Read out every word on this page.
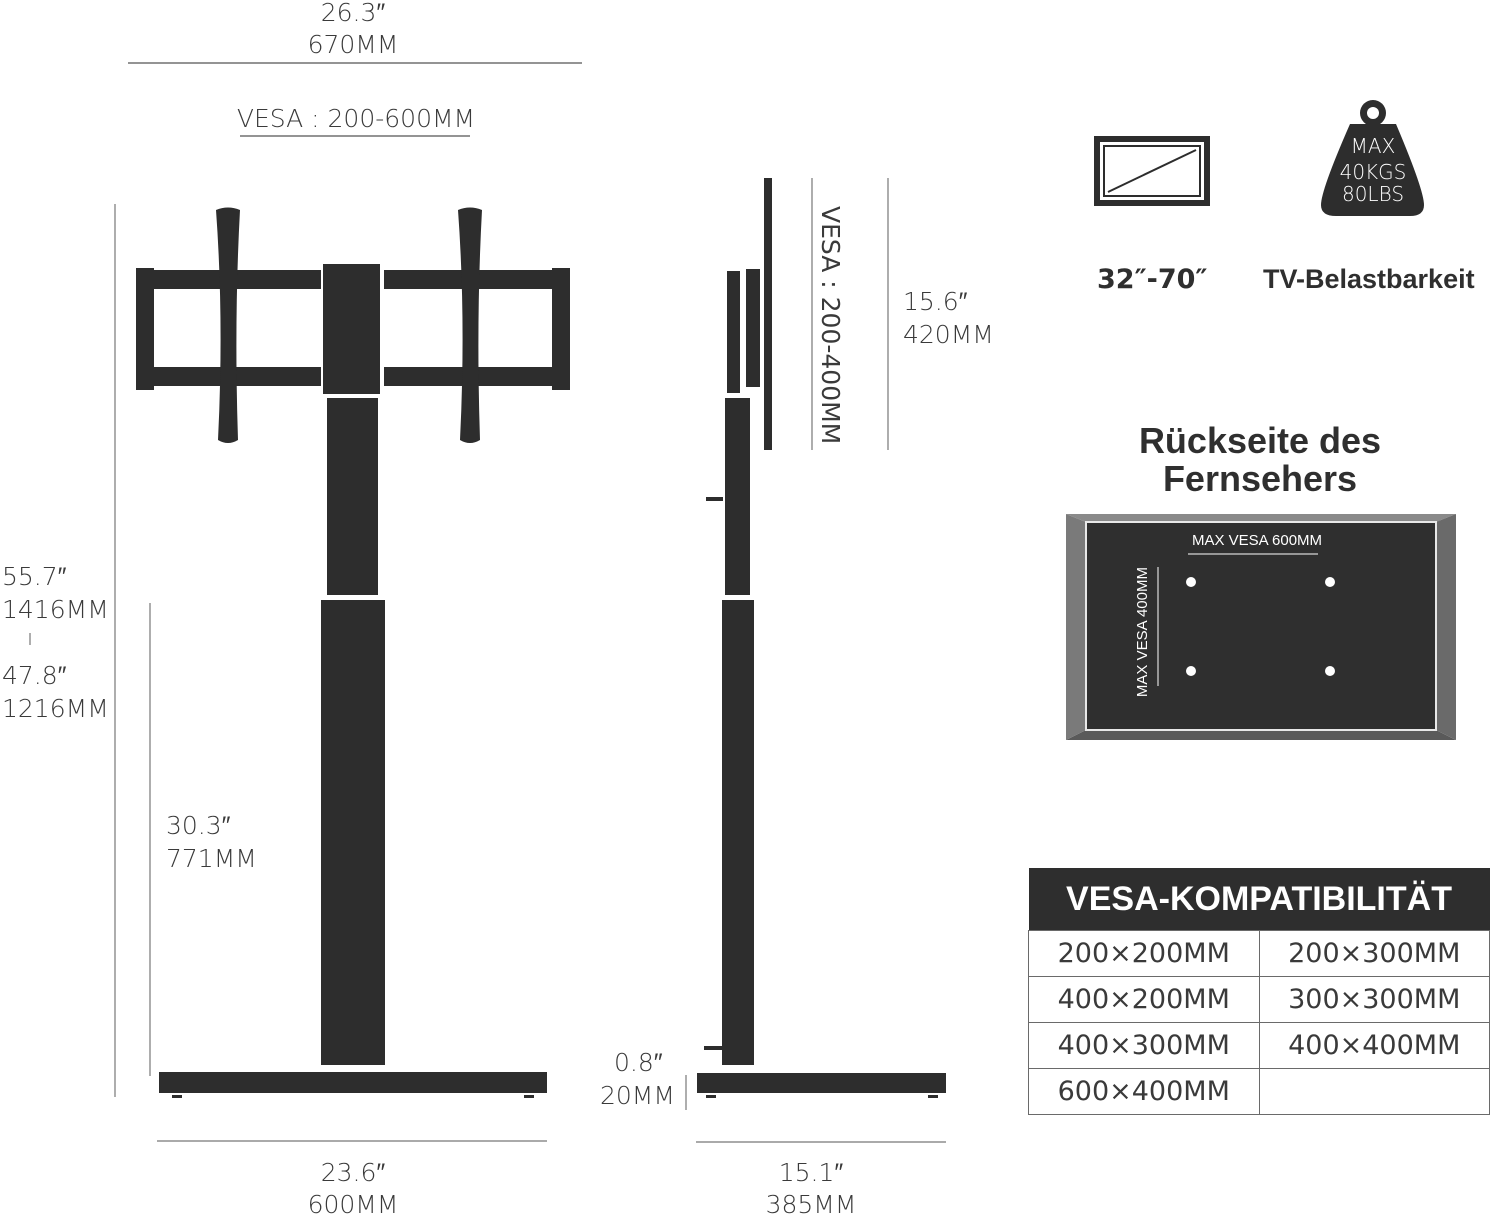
26.3″
670MM
VESA : 200-600MM
55.7″
1416MM
47.8″
1216MM
30.3″
771MM
23.6″
600MM
VESA : 200-400MM 15.6″
420MM
0.8″
20MM
15.1″
385MM
32″-70″ TV-Belastbarkeit
MAX
40KGS
80LBS
Rückseite des
Fernsehers
MAX VESA 600MM
MAX VESA 400MM
VESA-KOMPATIBILITÄT	
200×200MM	200×300MM
400×200MM	300×300MM
400×300MM	400×400MM
600×400MM	
